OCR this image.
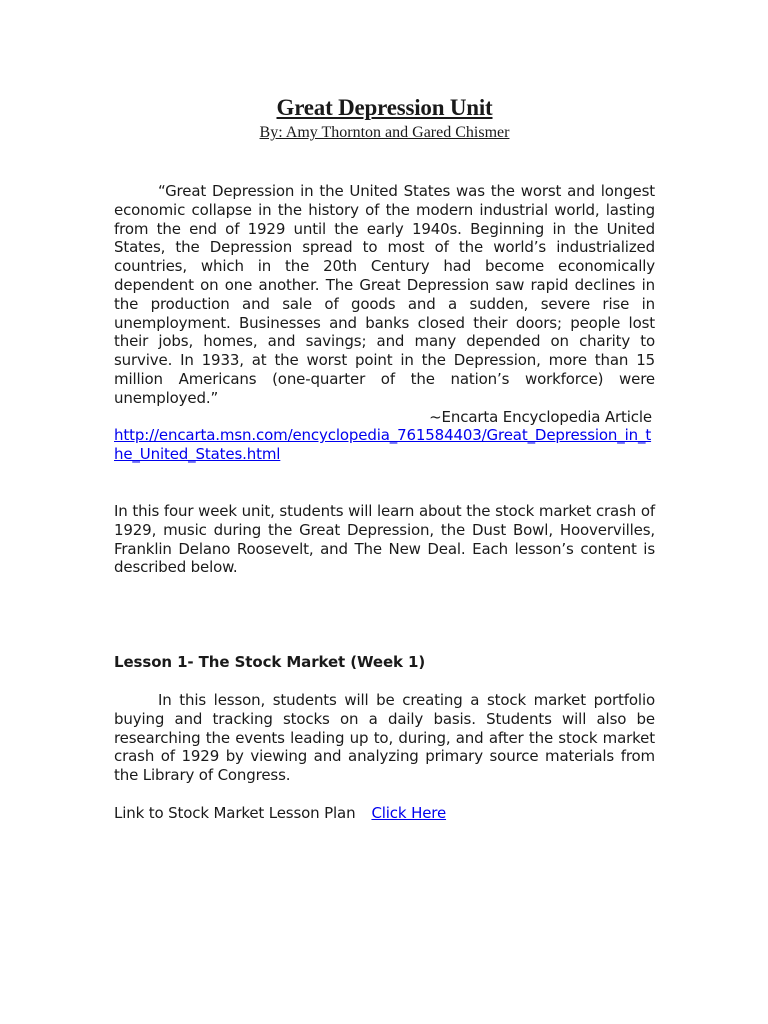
Great Depression Unit

By: Amy Thornton and Gared Chismer

“Great Depression in the United States was the worst and longest economic collapse in the history of the modern industrial world, lasting from the end of 1929 until the early 1940s. Beginning in the United States, the Depression spread to most of the world’s industrialized countries, which in the 20th Century had become economically dependent on one another. The Great Depression saw rapid declines in the production and sale of goods and a sudden, severe rise in unemployment. Businesses and banks closed their doors; people lost their jobs, homes, and savings; and many depended on charity to survive. In 1933, at the worst point in the Depression, more than 15 million Americans (one-quarter of the nation’s workforce) were unemployed.”

~Encarta Encyclopedia Article

http://encarta.msn.com/encyclopedia_761584403/Great_Depression_in_the_United_States.html

In this four week unit, students will learn about the stock market crash of 1929, music during the Great Depression, the Dust Bowl, Hoovervilles, Franklin Delano Roosevelt, and The New Deal. Each lesson’s content is described below.

Lesson 1- The Stock Market (Week 1)

In this lesson, students will be creating a stock market portfolio buying and tracking stocks on a daily basis. Students will also be researching the events leading up to, during, and after the stock market crash of 1929 by viewing and analyzing primary source materials from the Library of Congress.

Link to Stock Market Lesson Plan Click Here
